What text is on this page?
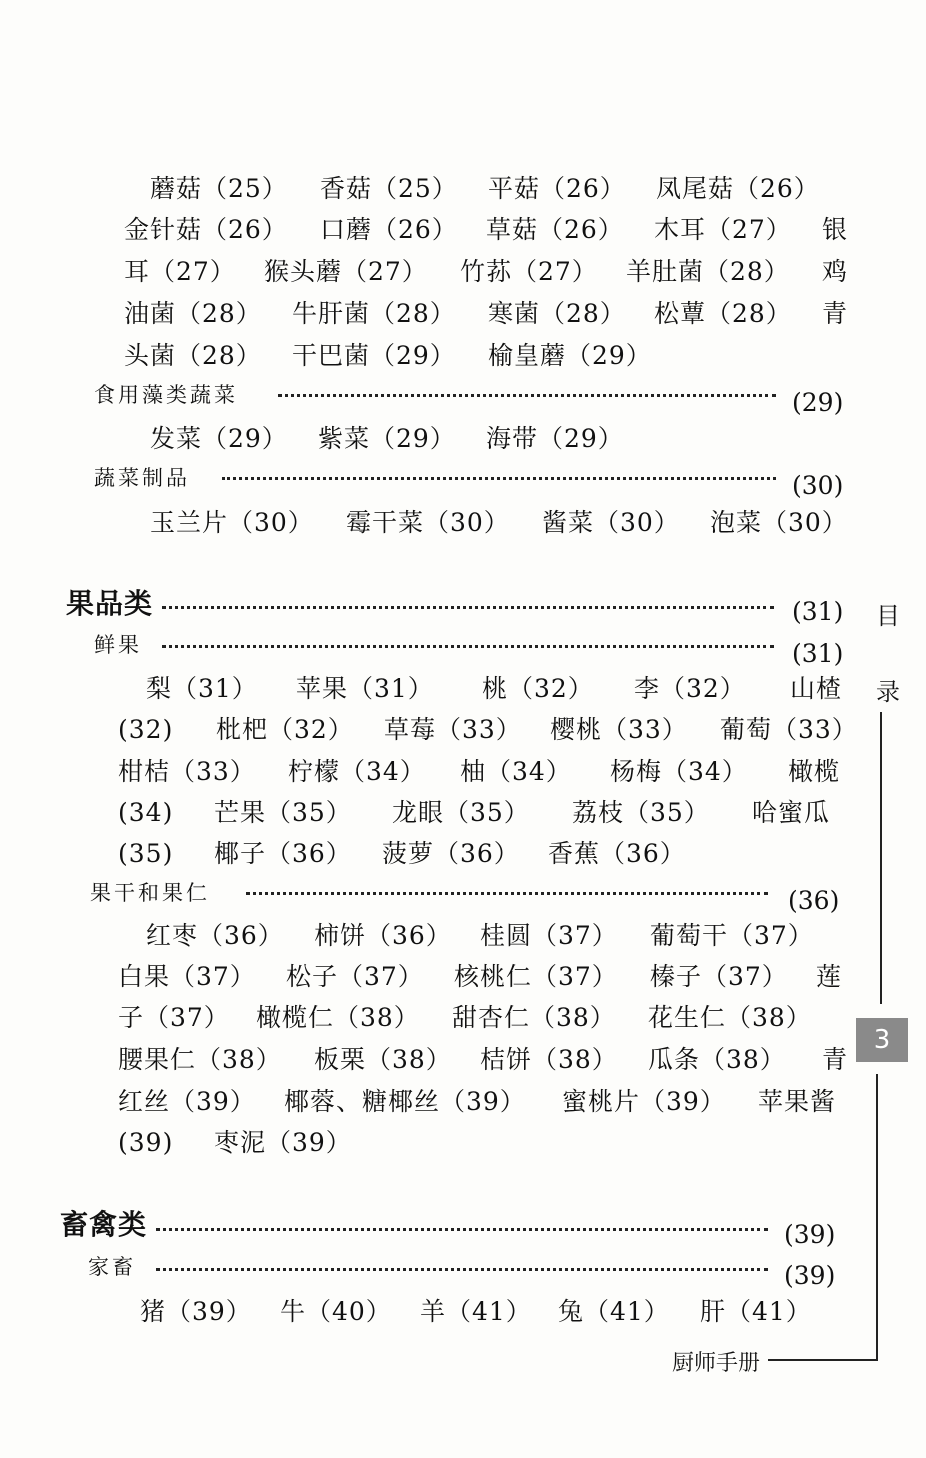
蘑菇（25） 香菇（25） 平菇（26） 凤尾菇（26）
金针菇（26） 口蘑（26） 草菇（26） 木耳（27） 银
耳（27） 猴头蘑（27） 竹荪（27） 羊肚菌（28） 鸡
油菌（28） 牛肝菌（28） 寒菌（28） 松蕈（28） 青
头菌（28） 干巴菌（29） 榆皇蘑（29）
食用藻类蔬菜	(29)
发菜（29） 紫菜（29） 海带（29）
蔬菜制品	(30)
玉兰片（30） 霉干菜（30） 酱菜（30） 泡菜（30）
果品类	(31)
鲜果	(31)
梨（31） 苹果（31） 桃（32） 李（32） 山楂
(32) 枇杷（32） 草莓（33） 樱桃（33） 葡萄（33）
柑桔（33） 柠檬（34） 柚（34） 杨梅（34） 橄榄
(34) 芒果（35） 龙眼（35） 荔枝（35） 哈蜜瓜
(35) 椰子（36） 菠萝（36） 香蕉（36）
果干和果仁	(36)
红枣（36） 柿饼（36） 桂圆（37） 葡萄干（37）
白果（37） 松子（37） 核桃仁（37） 榛子（37） 莲
子（37） 橄榄仁（38） 甜杏仁（38） 花生仁（38）
腰果仁（38） 板栗（38） 桔饼（38） 瓜条（38） 青
红丝（39） 椰蓉、糖椰丝（39） 蜜桃片（39） 苹果酱
(39) 枣泥（39）
畜禽类	(39)
家畜	(39)
猪（39） 牛（40） 羊（41） 兔（41） 肝（41）
目
录
3
厨师手册
